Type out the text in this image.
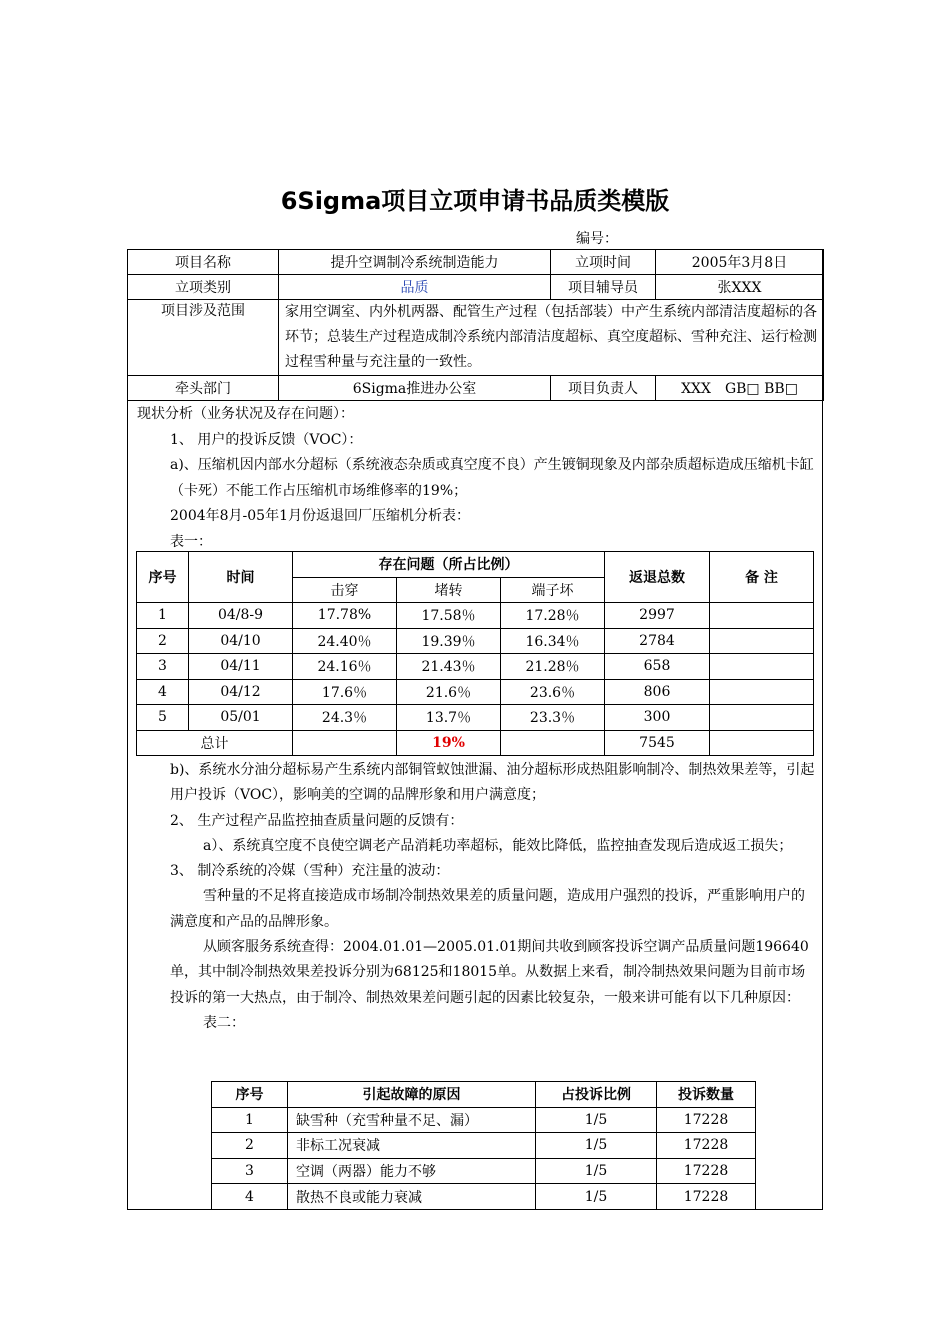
6Sigma项目立项申请书品质类模版
编号：
项目名称	提升空调制冷系统制造能力	立项时间	2005年3月8日
立项类别	品质	项目辅导员	张XXX
项目涉及范围	家用空调室、内外机两器、配管生产过程（包括部装）中产生系统内部清洁度超标的各环节；总装生产过程造成制冷系统内部清洁度超标、真空度超标、雪种充注、运行检测过程雪种量与充注量的一致性。		
牵头部门	6Sigma推进办公室	项目负责人	XXX　GB□ BB□

现状分析（业务状况及存在问题）：

1、 用户的投诉反馈（VOC）：

a)、压缩机因内部水分超标（系统液态杂质或真空度不良）产生镀铜现象及内部杂质超标造成压缩机卡缸（卡死）不能工作占压缩机市场维修率的19%；

2004年8月-05年1月份返退回厂压缩机分析表：

表一：

序号	时间	存在问题（所占比例）			返退总数	备 注
		击穿	堵转	端子坏		
1	04/8-9	17.78%	17.58％	17.28％	2997	
2	04/10	24.40％	19.39％	16.34％	2784	
3	04/11	24.16％	21.43％	21.28％	658	
4	04/12	17.6％	21.6％	23.6％	806	
5	05/01	24.3％	13.7％	23.3％	300	
总计			19%		7545	

b)、系统水分油分超标易产生系统内部铜管蚁蚀泄漏、油分超标形成热阻影响制冷、制热效果差等，引起用户投诉（VOC），影响美的空调的品牌形象和用户满意度；

2、 生产过程产品监控抽查质量问题的反馈有：

a）、系统真空度不良使空调老产品消耗功率超标，能效比降低，监控抽查发现后造成返工损失；

3、 制冷系统的冷媒（雪种）充注量的波动：

雪种量的不足将直接造成市场制冷制热效果差的质量问题，造成用户强烈的投诉，严重影响用户的满意度和产品的品牌形象。

从顾客服务系统查得：2004.01.01—2005.01.01期间共收到顾客投诉空调产品质量问题196640单，其中制冷制热效果差投诉分别为68125和18015单。从数据上来看，制冷制热效果问题为目前市场投诉的第一大热点，由于制冷、制热效果差问题引起的因素比较复杂，一般来讲可能有以下几种原因：

表二：

序号	引起故障的原因	占投诉比例	投诉数量
1	缺雪种（充雪种量不足、漏）	1/5	17228
2	非标工况衰减	1/5	17228
3	空调（两器）能力不够	1/5	17228
4	散热不良或能力衰减	1/5	17228
